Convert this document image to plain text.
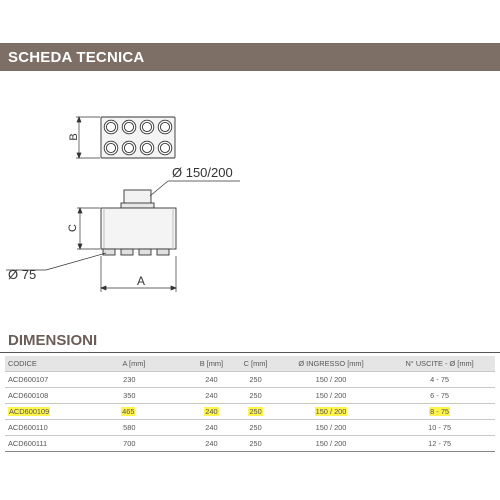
SCHEDA TECNICA
B
Ø 150/200
C
Ø 75	A
DIMENSIONI
CODICE	A [mm]	B [mm]	C [mm]	Ø INGRESSO [mm]	N° USCITE - Ø [mm]
ACD600107	230	240	250	150 / 200	4 - 75
ACD600108	350	240	250	150 / 200	6 - 75
ACD600109	465	240	250	150 / 200	8 - 75
ACD600110	580	240	250	150 / 200	10 - 75
ACD600111	700	240	250	150 / 200	12 - 75
